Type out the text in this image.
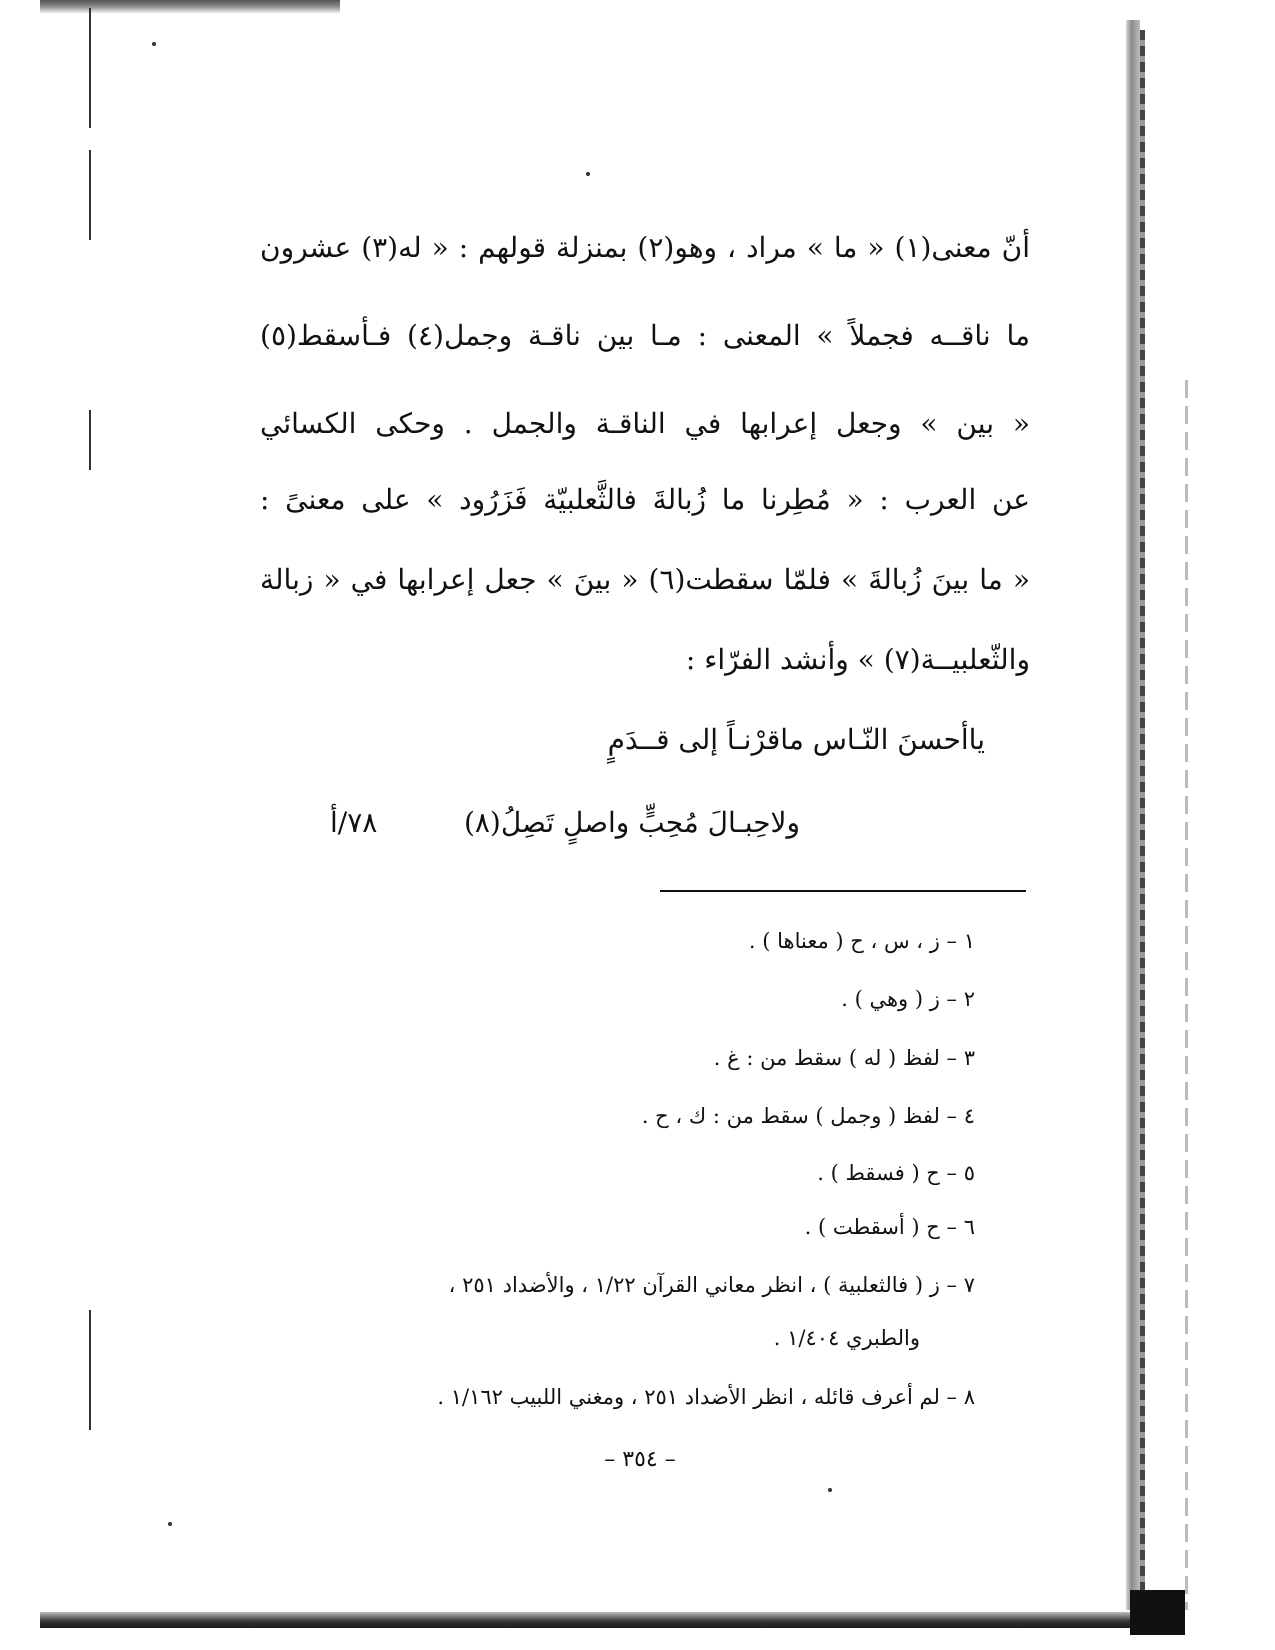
أنّ معنى(١) « ما » مراد ، وهو(٢) بمنزلة قولهم : « له(٣) عشرون
ما ناقــه فجملاً » المعنى : مـا بين ناقـة وجمل(٤) فـأسقط(٥)
« بين » وجعل إعرابها في الناقـة والجمل . وحكى الكسائي
عن العرب : « مُطِرنا ما زُبالةَ فالثَّعلبيّة فَزَرُود » على معنىً :
« ما بينَ زُبالةَ » فلمّا سقطت(٦) « بينَ » جعل إعرابها في « زبالة
والثّعلبيــة(٧) » وأنشد الفرّاء :
ياأحسنَ النّـاس ماقرْنـاً إلى قــدَمٍ
ولاحِبـالَ مُحِبٍّ واصلٍ تَصِلُ(٨)
٧٨/أ
١ – ز ، س ، ح ( معناها ) .
٢ – ز ( وهي ) .
٣ – لفظ ( له ) سقط من : غ .
٤ – لفظ ( وجمل ) سقط من : ك ، ح .
٥ – ح ( فسقط ) .
٦ – ح ( أسقطت ) .
٧ – ز ( فالثعلبية ) ، انظر معاني القرآن ١/٢٢ ، والأضداد ٢٥١ ،
والطبري ١/٤٠٤ .
٨ – لم أعرف قائله ، انظر الأضداد ٢٥١ ، ومغني اللبيب ١/١٦٢ .
– ٣٥٤ –
